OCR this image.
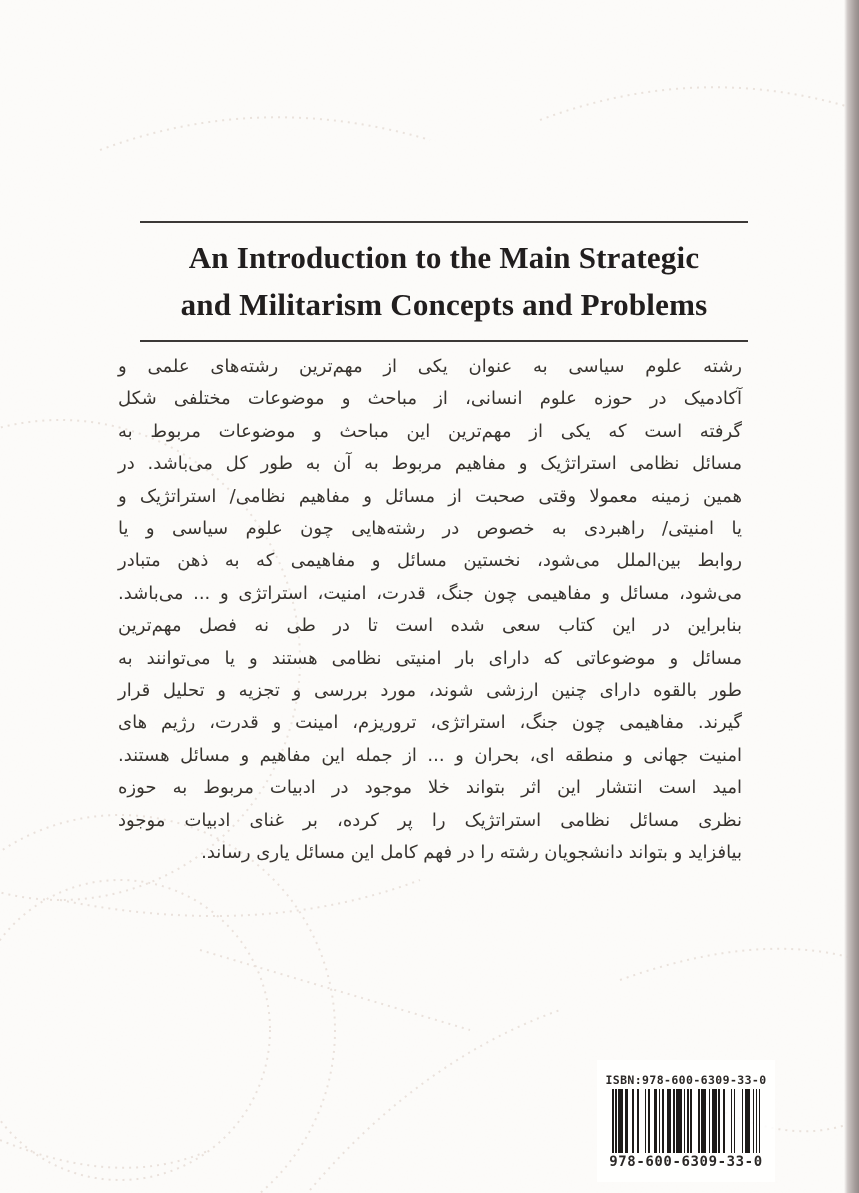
An Introduction to the Main Strategic
and Militarism Concepts and Problems
رشته علوم سیاسی به عنوان یکی از مهم‌ترین رشته‌های علمی و
آکادمیک در حوزه علوم انسانی، از مباحث و موضوعات مختلفی شکل
گرفته است که یکی از مهم‌ترین این مباحث و موضوعات مربوط به
مسائل نظامی استراتژیک و مفاهیم مربوط به آن به طور کل می‌باشد. در
همین زمینه معمولا وقتی صحبت از مسائل و مفاهیم نظامی/ استراتژیک و
یا امنیتی/ راهبردی به خصوص در رشته‌هایی چون علوم سیاسی و یا
روابط بین‌الملل می‌شود، نخستین مسائل و مفاهیمی که به ذهن متبادر
می‌شود، مسائل و مفاهیمی چون جنگ، قدرت، امنیت، استراتژی و ... می‌باشد.
بنابراین در این کتاب سعی شده است تا در طی نه فصل مهم‌ترین
مسائل و موضوعاتی که دارای بار امنیتی نظامی هستند و یا می‌توانند به
طور بالقوه دارای چنین ارزشی شوند، مورد بررسی و تجزیه و تحلیل قرار
گیرند. مفاهیمی چون جنگ، استراتژی، تروریزم، امینت و قدرت، رژیم های
امنیت جهانی و منطقه ای، بحران و ... از جمله این مفاهیم و مسائل هستند.
امید است انتشار این اثر بتواند خلا موجود در ادبیات مربوط به حوزه
نظری مسائل نظامی استراتژیک را پر کرده، بر غنای ادبیات موجود
بیافزاید و بتواند دانشجویان رشته را در فهم کامل این مسائل یاری رساند.
ISBN:978-600-6309-33-0
978-600-6309-33-0
